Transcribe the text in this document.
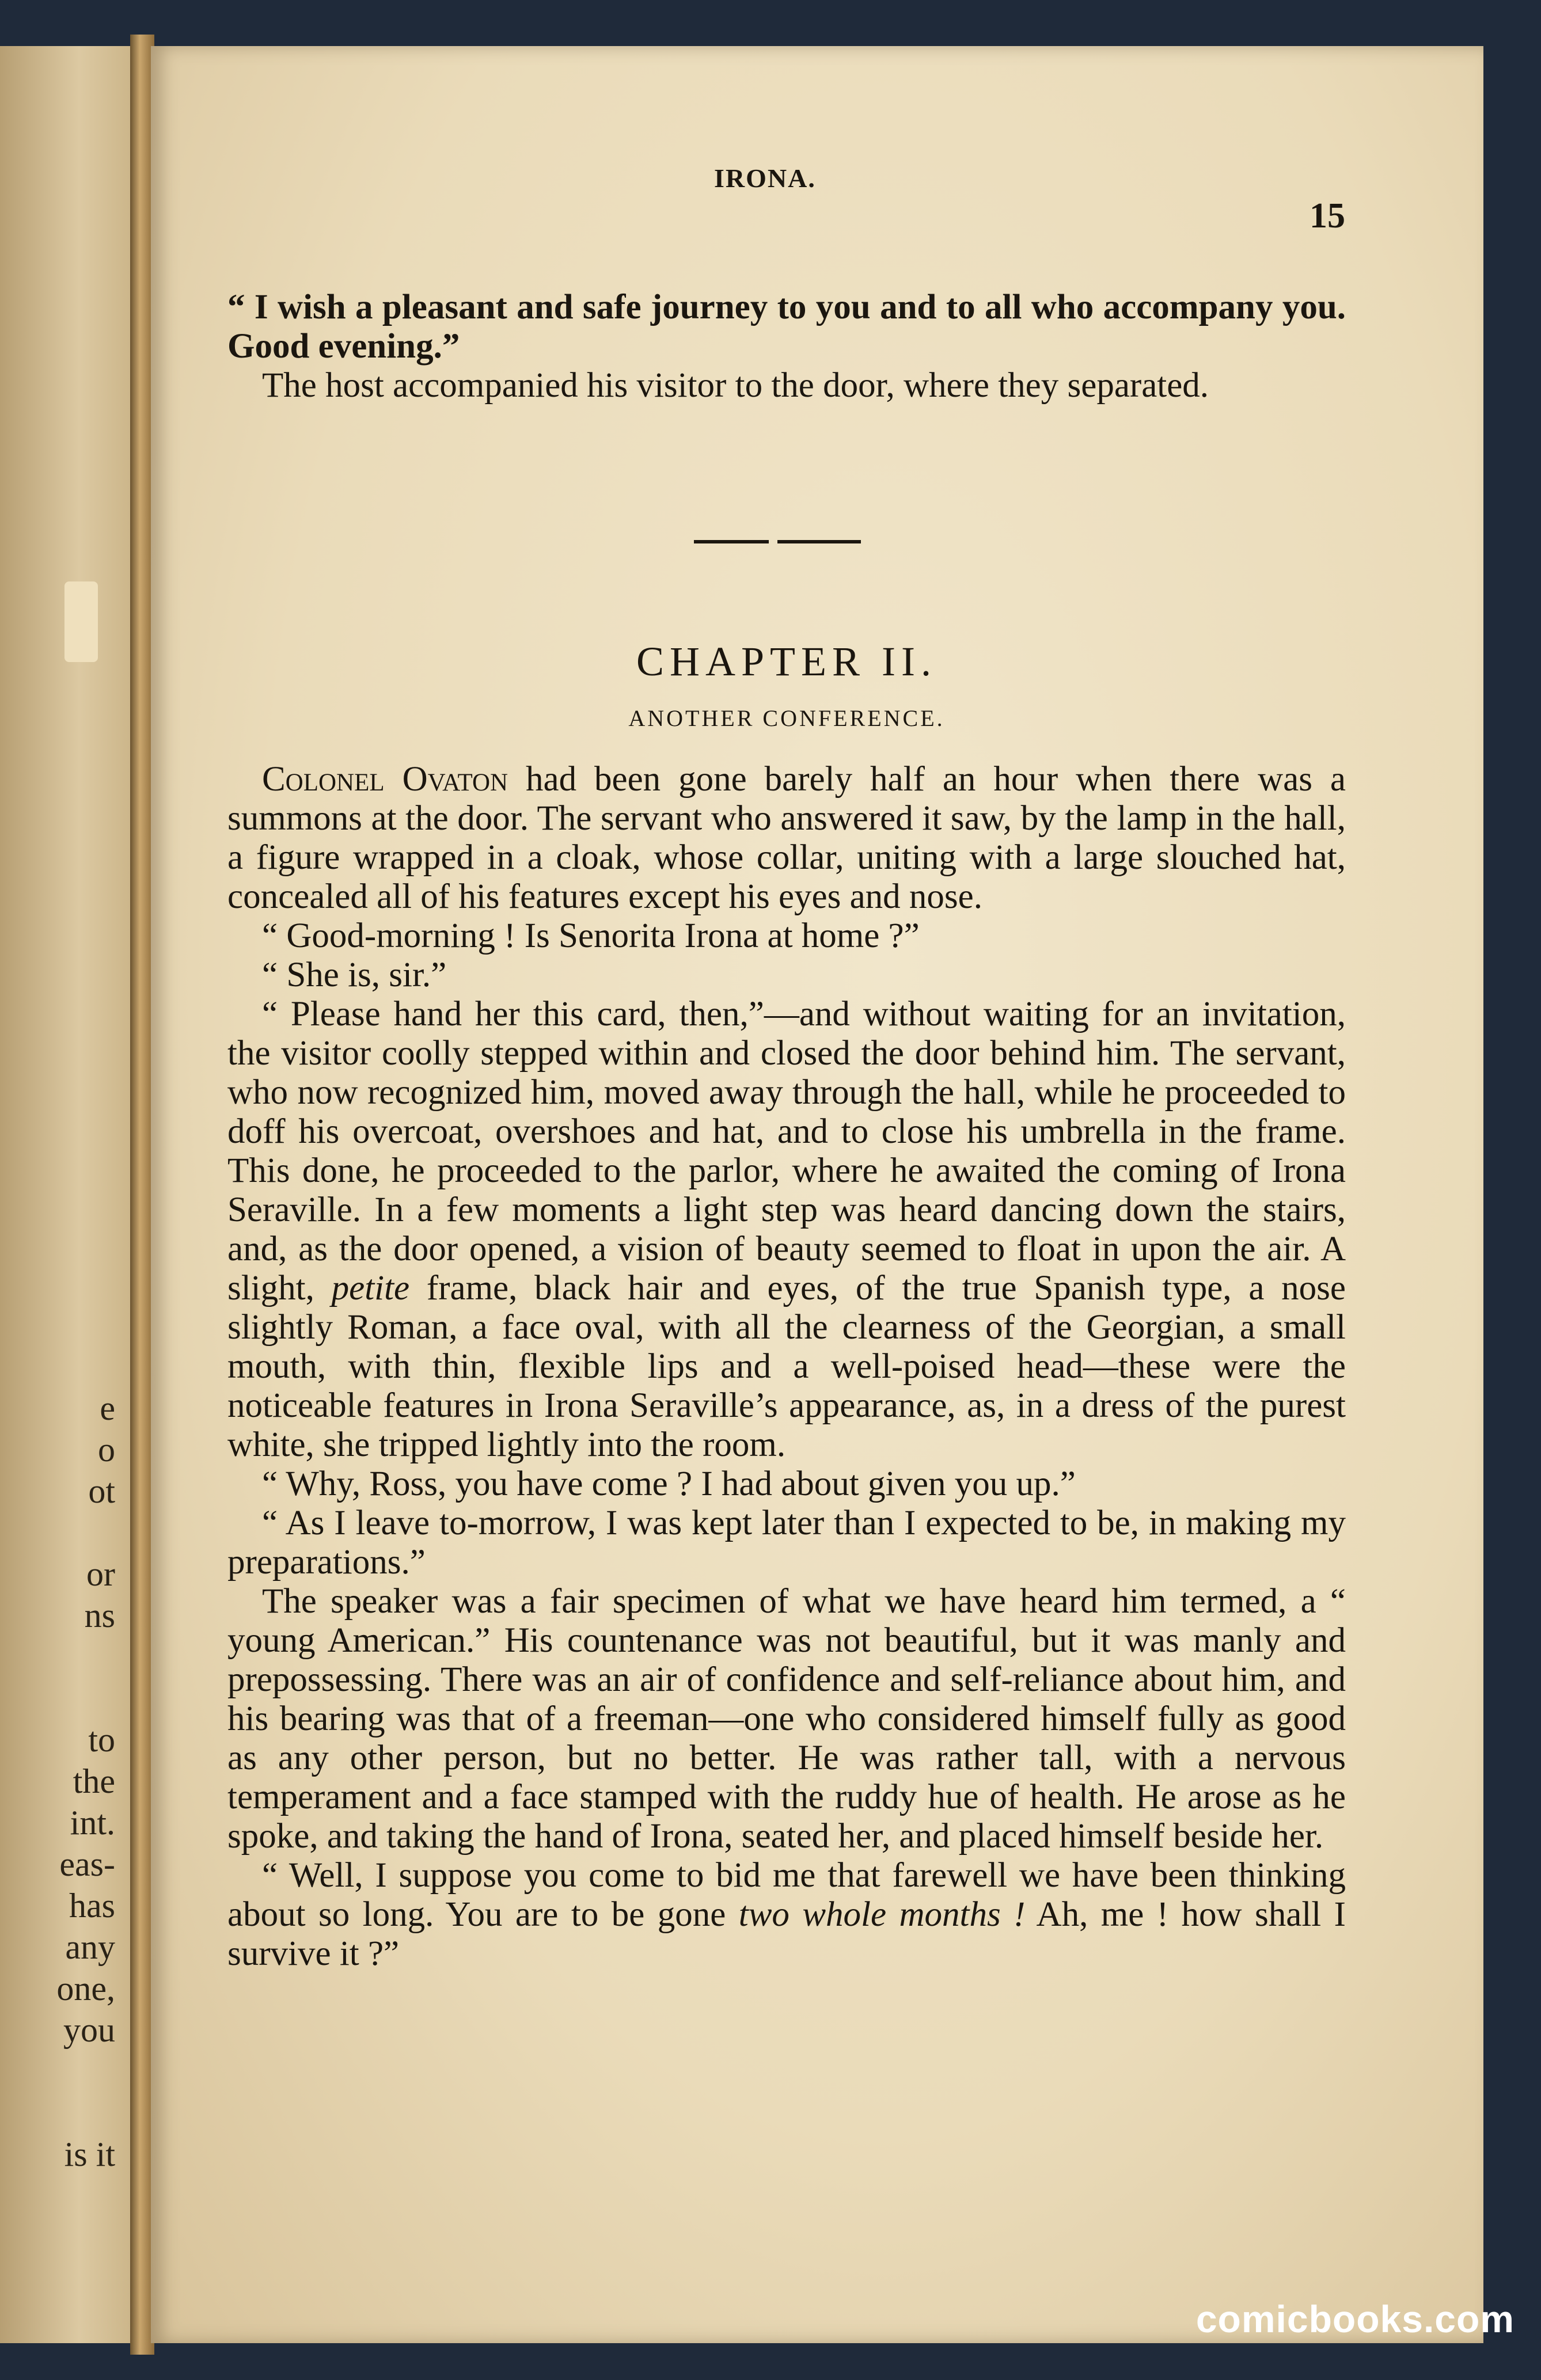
e
o
ot

or
ns

to
the
int.
eas-
has
any
one,
you

is it
IRONA.
15

“ I wish a pleasant and safe journey to you and to all who accompany you. Good evening.”

The host accompanied his visitor to the door, where they separated.

CHAPTER II.
ANOTHER CONFERENCE.

Colonel Ovaton had been gone barely half an hour when there was a summons at the door. The servant who answered it saw, by the lamp in the hall, a figure wrapped in a cloak, whose collar, uniting with a large slouched hat, concealed all of his features except his eyes and nose.

“ Good-morning ! Is Senorita Irona at home ?”

“ She is, sir.”

“ Please hand her this card, then,”—and without waiting for an invitation, the visitor coolly stepped within and closed the door behind him. The servant, who now recognized him, moved away through the hall, while he proceeded to doff his overcoat, overshoes and hat, and to close his umbrella in the frame. This done, he proceeded to the parlor, where he awaited the coming of Irona Seraville. In a few moments a light step was heard dancing down the stairs, and, as the door opened, a vision of beauty seemed to float in upon the air. A slight, petite frame, black hair and eyes, of the true Spanish type, a nose slightly Roman, a face oval, with all the clearness of the Georgian, a small mouth, with thin, flexible lips and a well-poised head—these were the noticeable features in Irona Seraville’s appearance, as, in a dress of the purest white, she tripped lightly into the room.

“ Why, Ross, you have come ? I had about given you up.”

“ As I leave to-morrow, I was kept later than I expected to be, in making my preparations.”

The speaker was a fair specimen of what we have heard him termed, a “ young American.” His countenance was not beautiful, but it was manly and prepossessing. There was an air of confidence and self-reliance about him, and his bearing was that of a freeman—one who considered himself fully as good as any other person, but no better. He was rather tall, with a nervous temperament and a face stamped with the ruddy hue of health. He arose as he spoke, and taking the hand of Irona, seated her, and placed himself beside her.

“ Well, I suppose you come to bid me that farewell we have been thinking about so long. You are to be gone two whole months ! Ah, me ! how shall I survive it ?”

comicbooks.com
